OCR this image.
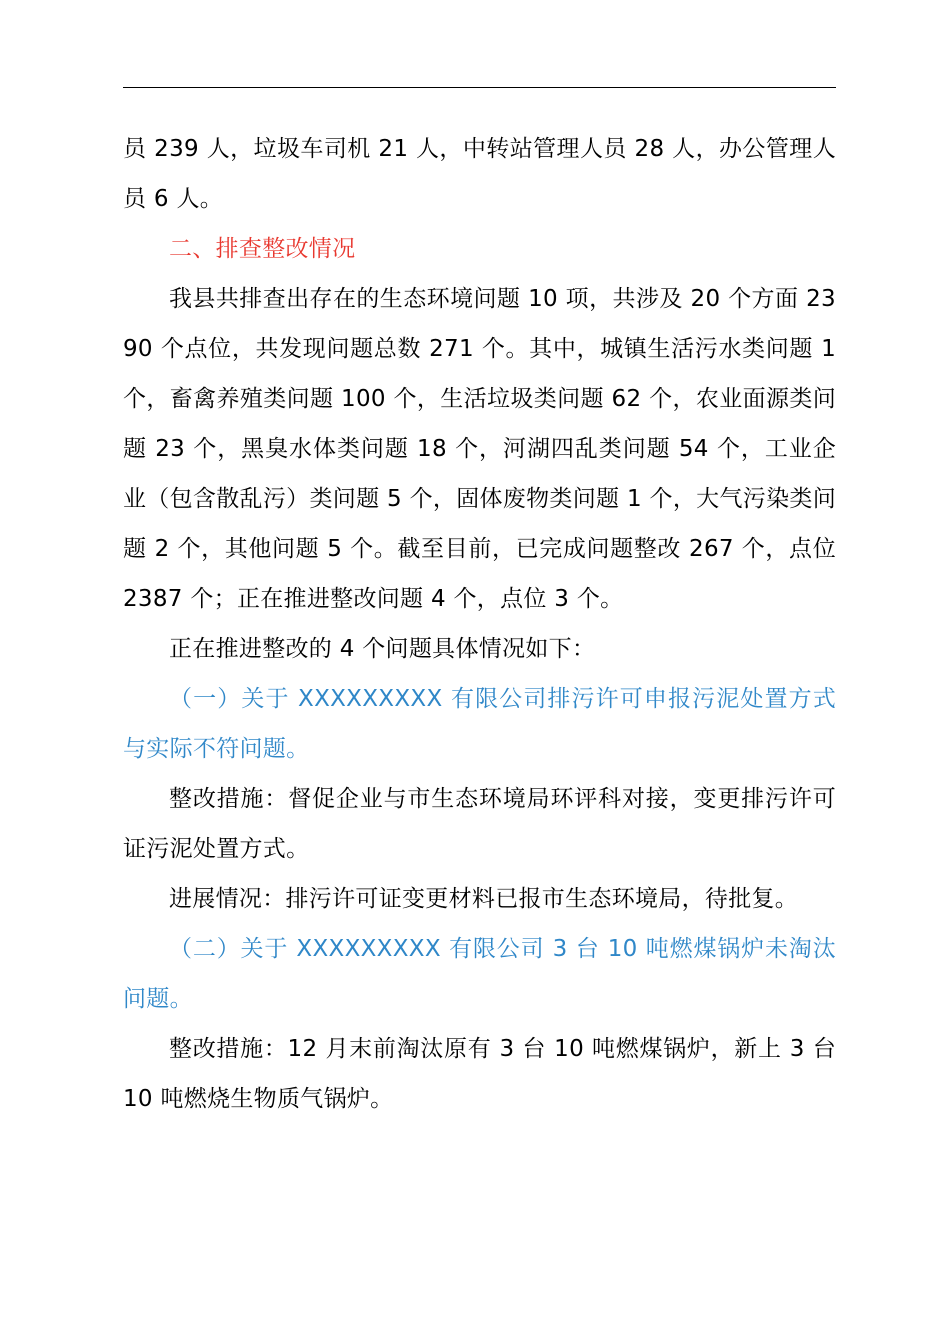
员 239 人，垃圾车司机 21 人，中转站管理人员 28 人，办公管理人员 6 人。

二、排查整改情况

我县共排查出存在的生态环境问题 10 项，共涉及 20 个方面 2390 个点位，共发现问题总数 271 个。其中，城镇生活污水类问题 1 个，畜禽养殖类问题 100 个，生活垃圾类问题 62 个，农业面源类问题 23 个，黑臭水体类问题 18 个，河湖四乱类问题 54 个，工业企业（包含散乱污）类问题 5 个，固体废物类问题 1 个，大气污染类问题 2 个，其他问题 5 个。截至目前，已完成问题整改 267 个，点位 2387 个；正在推进整改问题 4 个，点位 3 个。

正在推进整改的 4 个问题具体情况如下：

（一）关于 XXXXXXXXX 有限公司排污许可申报污泥处置方式与实际不符问题。

整改措施：督促企业与市生态环境局环评科对接，变更排污许可证污泥处置方式。

进展情况：排污许可证变更材料已报市生态环境局，待批复。

（二）关于 XXXXXXXXX 有限公司 3 台 10 吨燃煤锅炉未淘汰问题。

整改措施：12 月末前淘汰原有 3 台 10 吨燃煤锅炉，新上 3 台 10 吨燃烧生物质气锅炉。
